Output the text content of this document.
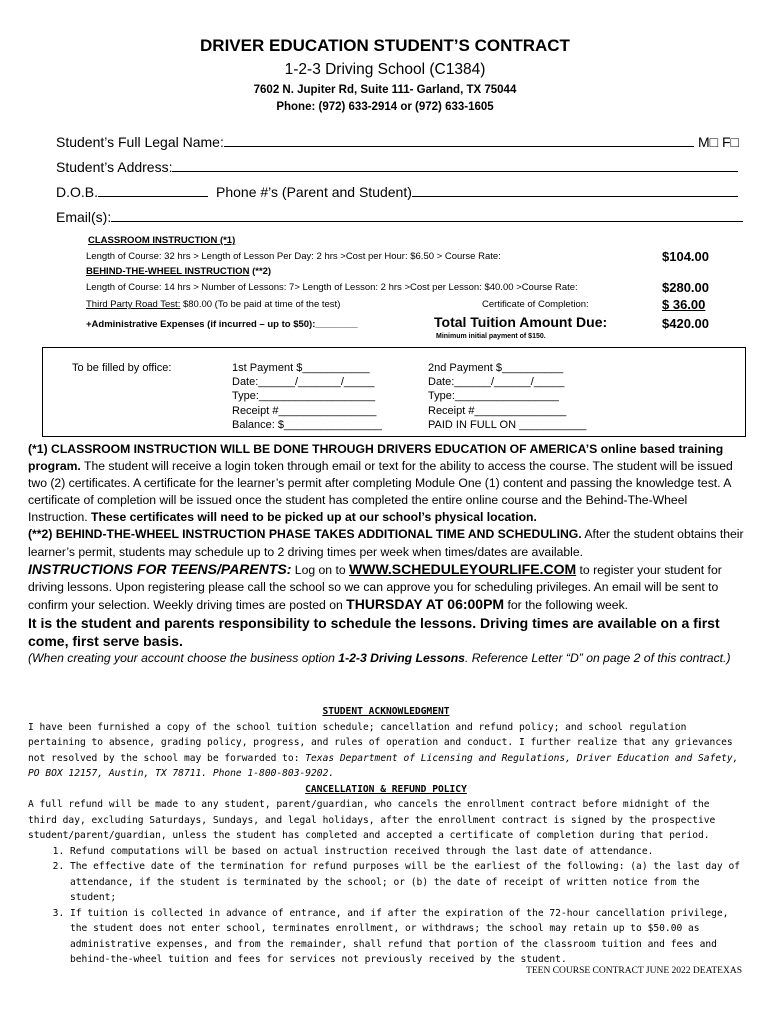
DRIVER EDUCATION STUDENT’S CONTRACT
1-2-3 Driving School (C1384)
7602 N. Jupiter Rd, Suite 111- Garland, TX 75044
Phone: (972) 633-2914 or (972) 633-1605
Student’s Full Legal Name:	M□ F□
Student’s Address:
D.O.B.	Phone #’s (Parent and Student)
Email(s):
CLASSROOM INSTRUCTION (*1)
Length of Course: 32 hrs > Length of Lesson Per Day: 2 hrs >Cost per Hour: $6.50 > Course Rate:	$104.00
BEHIND-THE-WHEEL INSTRUCTION (**2)
Length of Course: 14 hrs > Number of Lessons: 7> Length of Lesson: 2 hrs >Cost per Lesson: $40.00 >Course Rate:	$280.00
Third Party Road Test: $80.00 (To be paid at time of the test)	Certificate of Completion:	$ 36.00
+Administrative Expenses (if incurred – up to $50):________	Total Tuition Amount Due:	$420.00
Minimum initial payment of $150.
To be filled by office:	1st Payment $___________
Date:______/_______/_____
Type:___________________
Receipt #________________
Balance: $________________
2nd Payment $__________
Date:______/______/_____
Type:_________________
Receipt #_______________
PAID IN FULL ON ___________

(*1) CLASSROOM INSTRUCTION WILL BE DONE THROUGH DRIVERS EDUCATION OF AMERICA’S online based training program. The student will receive a login token through email or text for the ability to access the course. The student will be issued two (2) certificates. A certificate for the learner’s permit after completing Module One (1) content and passing the knowledge test. A certificate of completion will be issued once the student has completed the entire online course and the Behind-The-Wheel Instruction. These certificates will need to be picked up at our school’s physical location.

(**2) BEHIND-THE-WHEEL INSTRUCTION PHASE TAKES ADDITIONAL TIME AND SCHEDULING. After the student obtains their learner’s permit, students may schedule up to 2 driving times per week when times/dates are available.

INSTRUCTIONS FOR TEENS/PARENTS: Log on to WWW.SCHEDULEYOURLIFE.COM to register your student for driving lessons. Upon registering please call the school so we can approve you for scheduling privileges. An email will be sent to confirm your selection. Weekly driving times are posted on THURSDAY AT 06:00PM for the following week.

It is the student and parents responsibility to schedule the lessons. Driving times are available on a first come, first serve basis.

(When creating your account choose the business option 1-2-3 Driving Lessons. Reference Letter “D” on page 2 of this contract.)

STUDENT ACKNOWLEDGMENT

I have been furnished a copy of the school tuition schedule; cancellation and refund policy; and school regulation pertaining to absence, grading policy, progress, and rules of operation and conduct. I further realize that any grievances not resolved by the school may be forwarded to: Texas Department of Licensing and Regulations, Driver Education and Safety, PO BOX 12157, Austin, TX 78711. Phone 1-800-803-9202.

CANCELLATION & REFUND POLICY

A full refund will be made to any student, parent/guardian, who cancels the enrollment contract before midnight of the third day, excluding Saturdays, Sundays, and legal holidays, after the enrollment contract is signed by the prospective student/parent/guardian, unless the student has completed and accepted a certificate of completion during that period.

1. Refund computations will be based on actual instruction received through the last date of attendance.
2. The effective date of the termination for refund purposes will be the earliest of the following: (a) the last day of attendance, if the student is terminated by the school; or (b) the date of receipt of written notice from the student;
3. If tuition is collected in advance of entrance, and if after the expiration of the 72-hour cancellation privilege, the student does not enter school, terminates enrollment, or withdraws; the school may retain up to $50.00 as administrative expenses, and from the remainder, shall refund that portion of the classroom tuition and fees and behind-the-wheel tuition and fees for services not previously received by the student.
TEEN COURSE CONTRACT JUNE 2022 DEATEXAS
